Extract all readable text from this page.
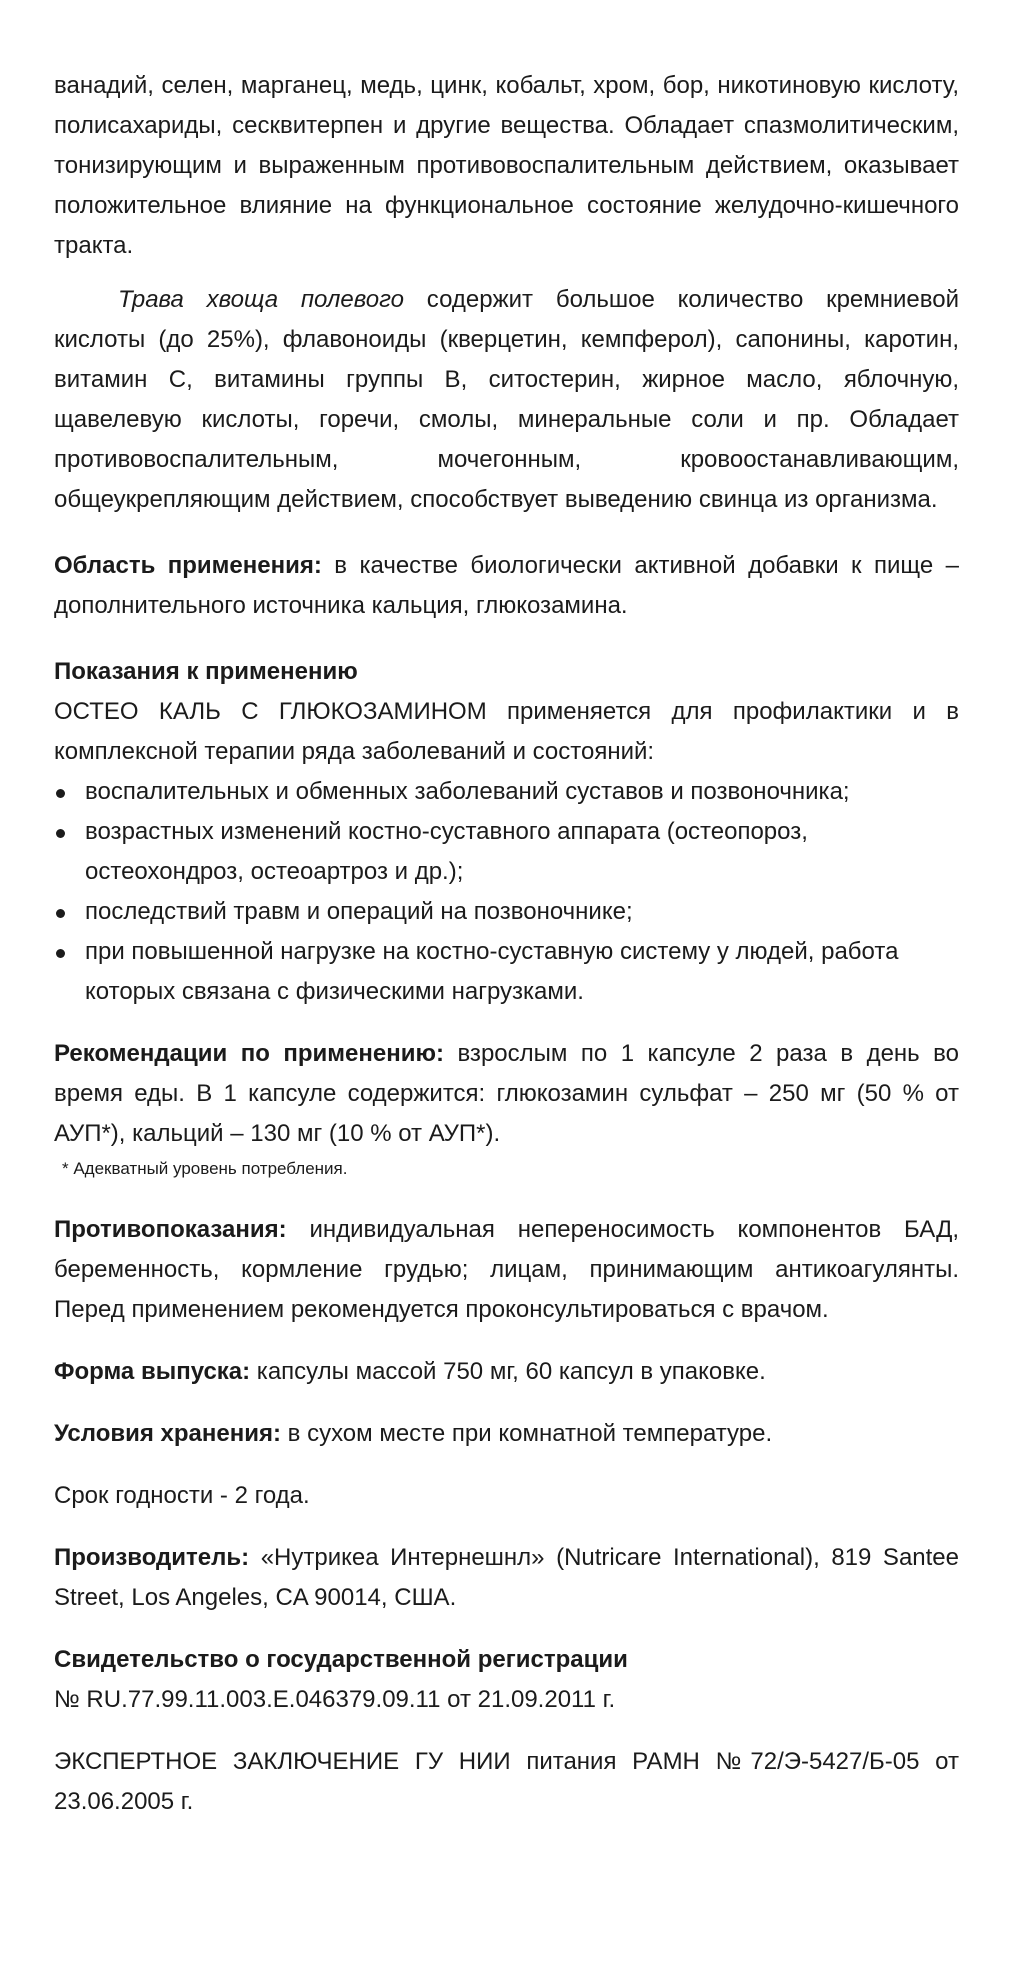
ванадий, селен, марганец, медь, цинк, кобальт, хром, бор, никотиновую кислоту, полисахариды, сесквитерпен и другие вещества. Обладает спазмолитическим, тонизирующим и выраженным противовоспалительным действием, оказывает положительное влияние на функциональное состояние желудочно-кишечного тракта.

Трава хвоща полевого содержит большое количество кремниевой кислоты (до 25%), флавоноиды (кверцетин, кемпферол), сапонины, каротин, витамин С, витамины группы В, ситостерин, жирное масло, яблочную, щавелевую кислоты, горечи, смолы, минеральные соли и пр. Обладает противовоспалительным, мочегонным, кровоостанавливающим, общеукрепляющим действием, способствует выведению свинца из организма.

Область применения: в качестве биологически активной добавки к пище – дополнительного источника кальция, глюкозамина.

Показания к применению

ОСТЕО КАЛЬ С ГЛЮКОЗАМИНОМ применяется для профилактики и в комплексной терапии ряда заболеваний и состояний:

воспалительных и обменных заболеваний суставов и позвоночника;
возрастных изменений костно-суставного аппарата (остеопороз, остеохондроз, остеоартроз и др.);
последствий травм и операций на позвоночнике;
при повышенной нагрузке на костно-суставную систему у людей, работа которых связана с физическими нагрузками.

Рекомендации по применению: взрослым по 1 капсуле 2 раза в день во время еды. В 1 капсуле содержится: глюкозамин сульфат – 250 мг (50 % от АУП*), кальций – 130 мг (10 % от АУП*).

* Адекватный уровень потребления.

Противопоказания: индивидуальная непереносимость компонентов БАД, беременность, кормление грудью; лицам, принимающим антикоагулянты. Перед применением рекомендуется проконсультироваться с врачом.

Форма выпуска: капсулы массой 750 мг, 60 капсул в упаковке.

Условия хранения: в сухом месте при комнатной температуре.

Срок годности - 2 года.

Производитель: «Нутрикеа Интернешнл» (Nutricare International), 819 Santee Street, Los Angeles, CA 90014, США.

Свидетельство о государственной регистрации

№ RU.77.99.11.003.Е.046379.09.11 от 21.09.2011 г.

ЭКСПЕРТНОЕ ЗАКЛЮЧЕНИЕ ГУ НИИ питания РАМН №72/Э-5427/Б-05 от 23.06.2005 г.
